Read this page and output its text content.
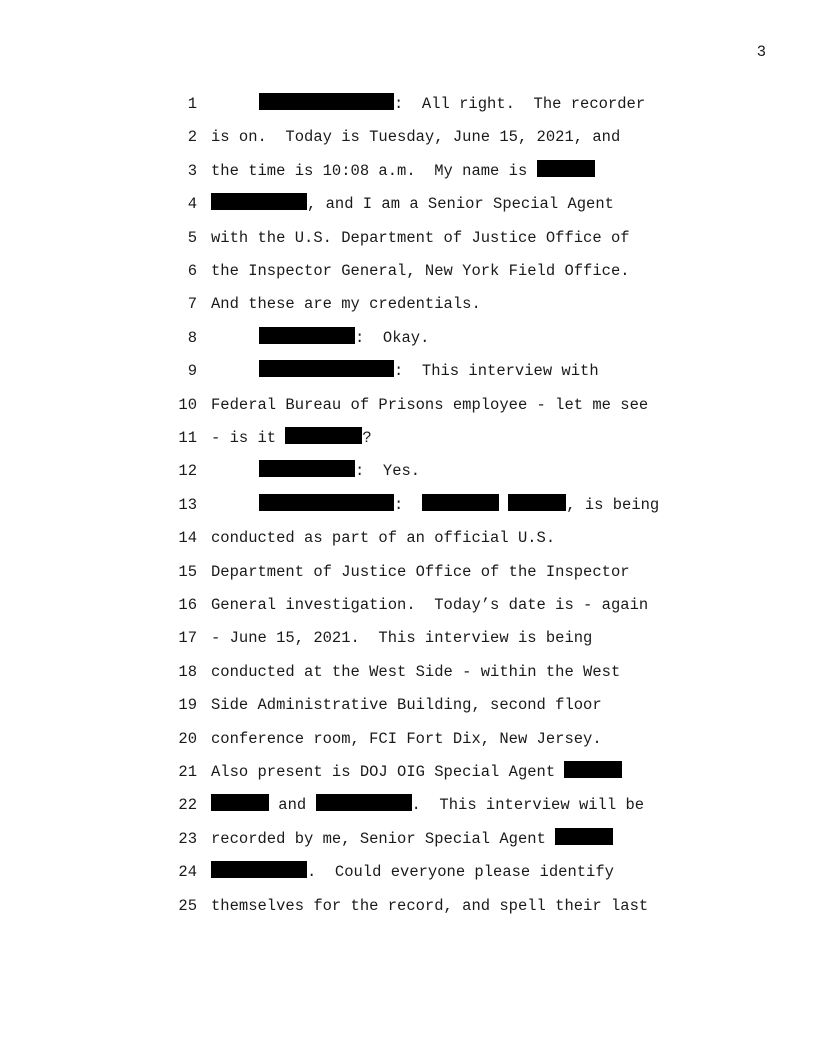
3
1	:  All right.  The recorder
2 is on.  Today is Tuesday, June 15, 2021, and
3 the time is 10:08 a.m.  My name is
4	, and I am a Senior Special Agent
5 with the U.S. Department of Justice Office of
6 the Inspector General, New York Field Office.
7 And these are my credentials.
8	:  Okay.
9	:  This interview with
10 Federal Bureau of Prisons employee - let me see
11 - is it	?
12	:  Yes.
13	:	, is being
14 conducted as part of an official U.S.
15 Department of Justice Office of the Inspector
16 General investigation.  Today’s date is - again
17 - June 15, 2021.  This interview is being
18 conducted at the West Side - within the West
19 Side Administrative Building, second floor
20 conference room, FCI Fort Dix, New Jersey.
21 Also present is DOJ OIG Special Agent
22	and	.  This interview will be
23 recorded by me, Senior Special Agent
24	.  Could everyone please identify
25 themselves for the record, and spell their last
